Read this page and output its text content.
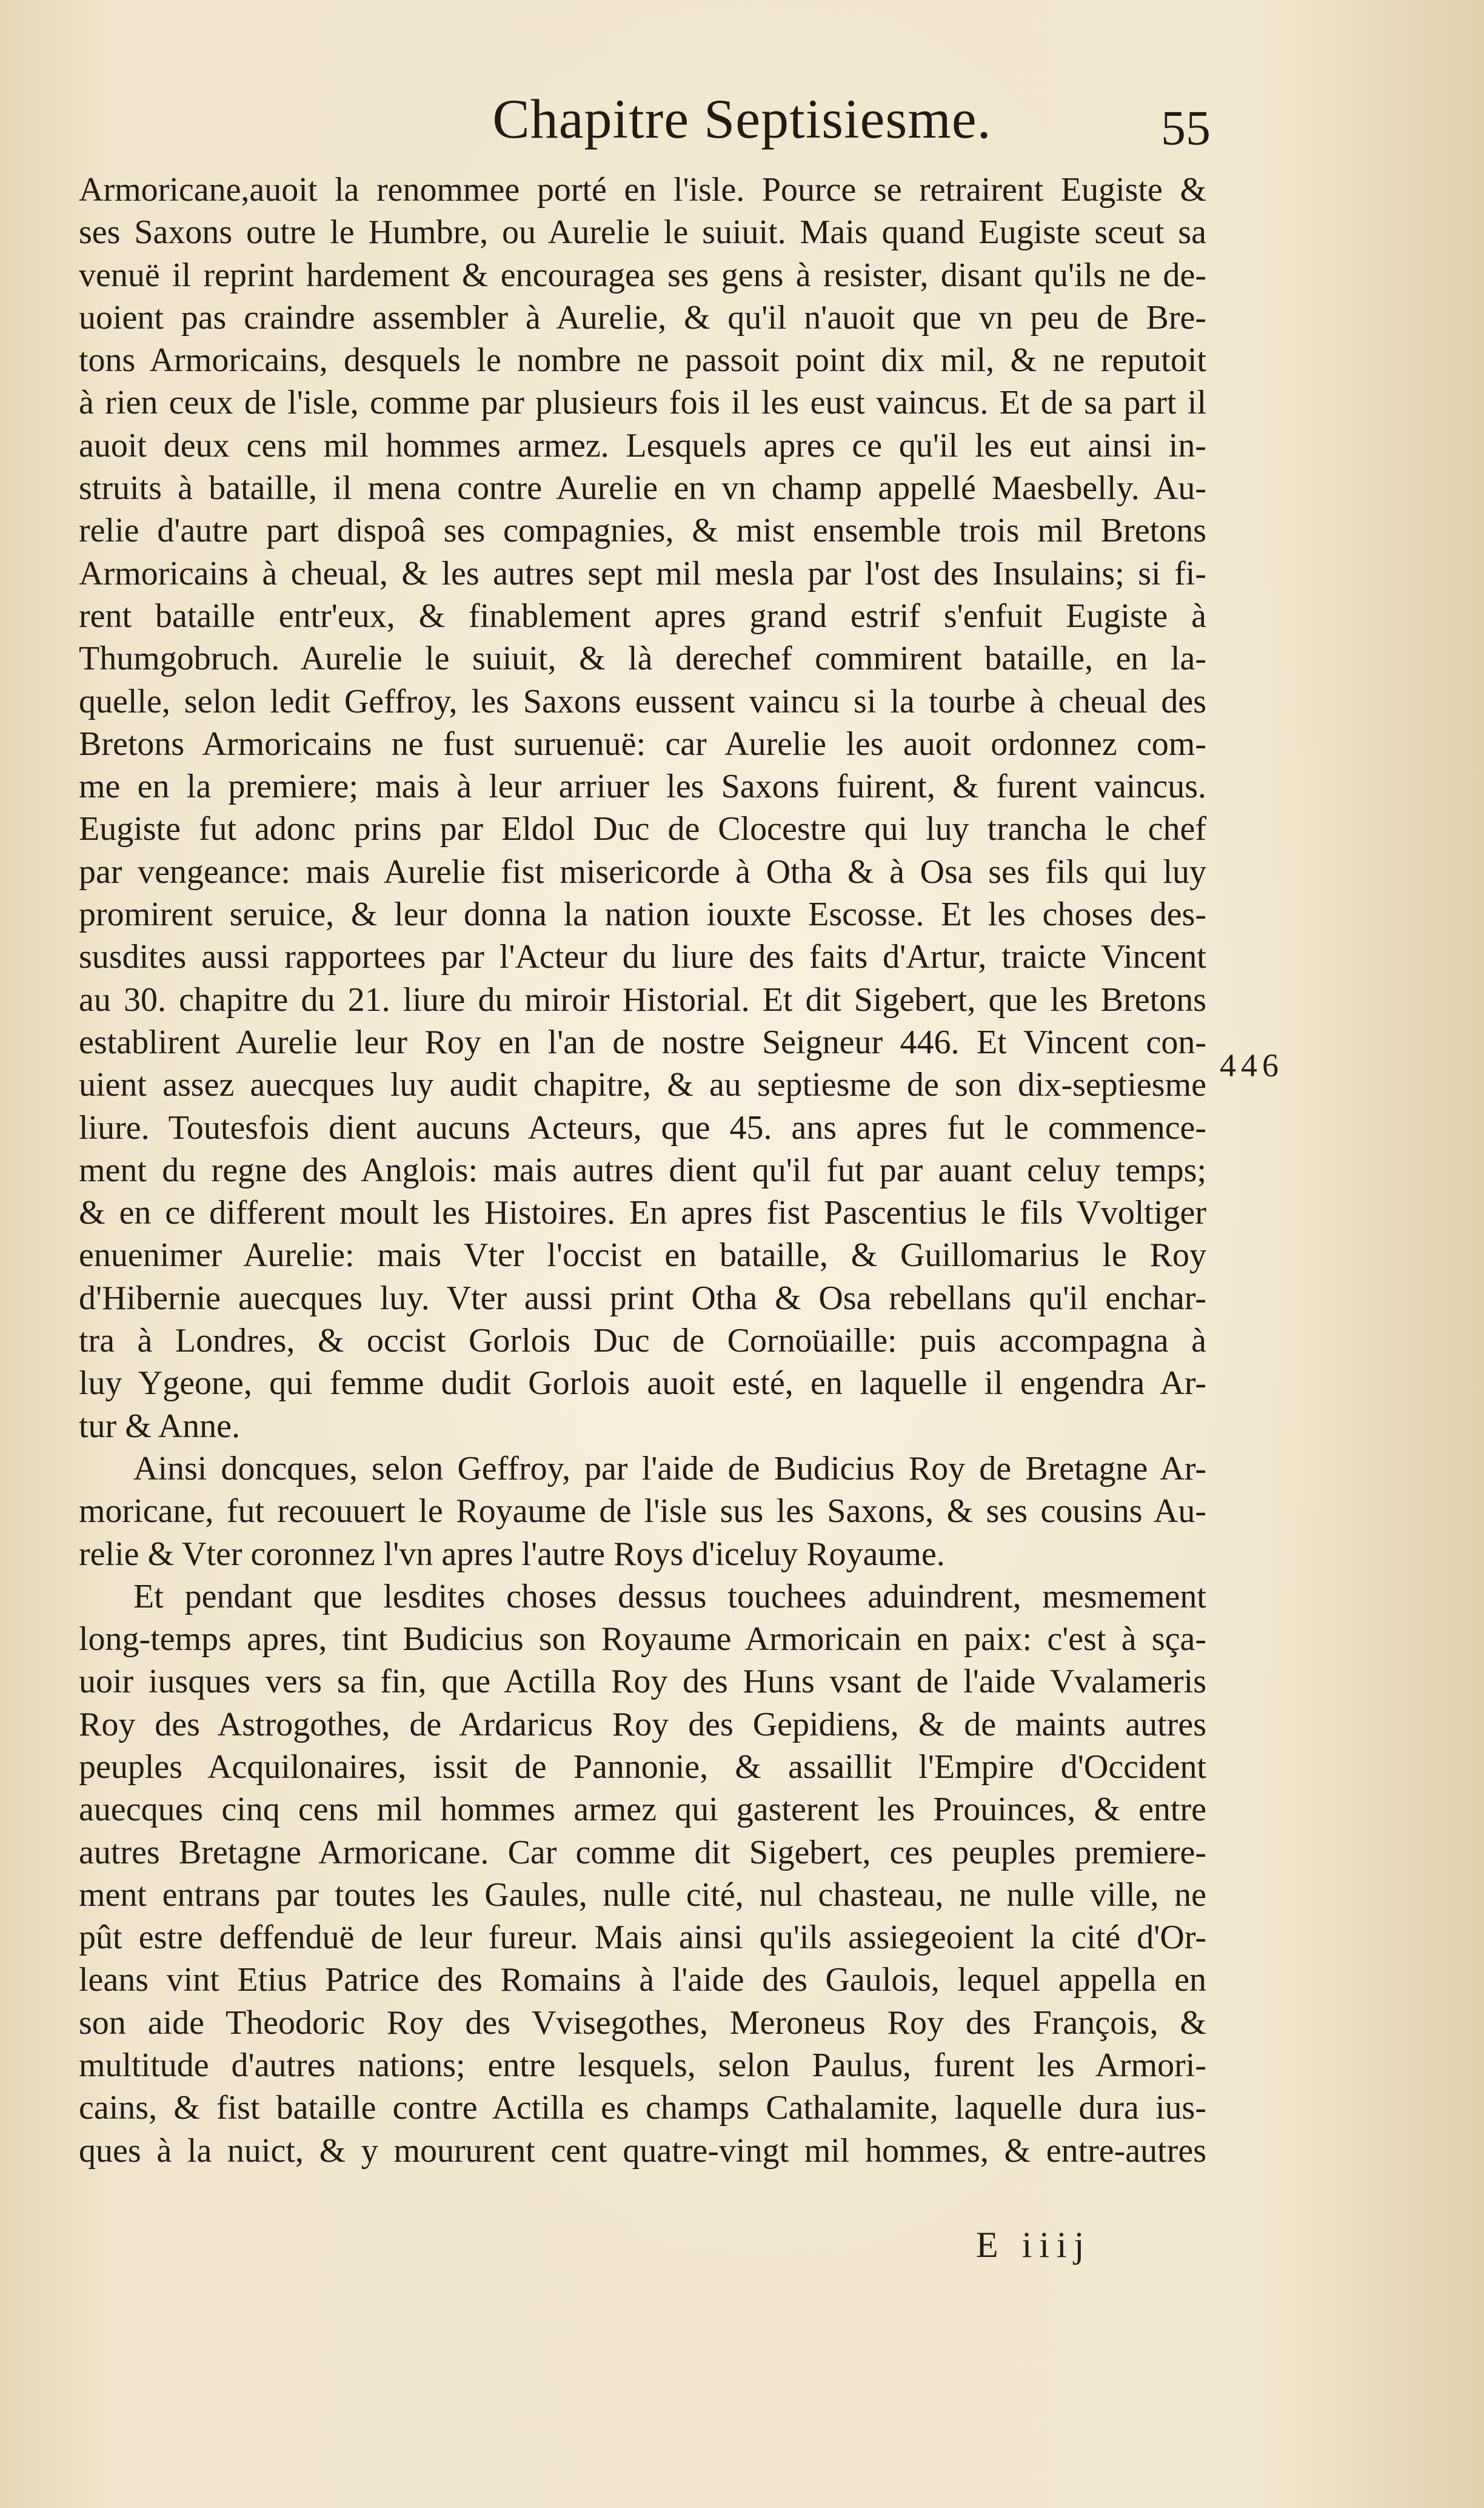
Chapitre Septisiesme.	55
Armoricane,auoit la renommee porté en l'isle. Pource se retrairent Eugiste &
ses Saxons outre le Humbre, ou Aurelie le suiuit. Mais quand Eugiste sceut sa
venuë il reprint hardement & encouragea ses gens à resister, disant qu'ils ne de-
uoient pas craindre assembler à Aurelie, & qu'il n'auoit que vn peu de Bre-
tons Armoricains, desquels le nombre ne passoit point dix mil, & ne reputoit
à rien ceux de l'isle, comme par plusieurs fois il les eust vaincus. Et de sa part il
auoit deux cens mil hommes armez. Lesquels apres ce qu'il les eut ainsi in-
struits à bataille, il mena contre Aurelie en vn champ appellé Maesbelly. Au-
relie d'autre part dispoâ ses compagnies, & mist ensemble trois mil Bretons
Armoricains à cheual, & les autres sept mil mesla par l'ost des Insulains; si fi-
rent bataille entr'eux, & finablement apres grand estrif s'enfuit Eugiste à
Thumgobruch. Aurelie le suiuit, & là derechef commirent bataille, en la-
quelle, selon ledit Geffroy, les Saxons eussent vaincu si la tourbe à cheual des
Bretons Armoricains ne fust suruenuë: car Aurelie les auoit ordonnez com-
me en la premiere; mais à leur arriuer les Saxons fuirent, & furent vaincus.
Eugiste fut adonc prins par Eldol Duc de Clocestre qui luy trancha le chef
par vengeance: mais Aurelie fist misericorde à Otha & à Osa ses fils qui luy
promirent seruice, & leur donna la nation iouxte Escosse. Et les choses des-
susdites aussi rapportees par l'Acteur du liure des faits d'Artur, traicte Vincent
au 30. chapitre du 21. liure du miroir Historial. Et dit Sigebert, que les Bretons
establirent Aurelie leur Roy en l'an de nostre Seigneur 446. Et Vincent con-
uient assez auecques luy audit chapitre, & au septiesme de son dix-septiesme
liure. Toutesfois dient aucuns Acteurs, que 45. ans apres fut le commence-
ment du regne des Anglois: mais autres dient qu'il fut par auant celuy temps;
& en ce different moult les Histoires. En apres fist Pascentius le fils Vvoltiger
enuenimer Aurelie: mais Vter l'occist en bataille, & Guillomarius le Roy
d'Hibernie auecques luy. Vter aussi print Otha & Osa rebellans qu'il enchar-
tra à Londres, & occist Gorlois Duc de Cornoüaille: puis accompagna à
luy Ygeone, qui femme dudit Gorlois auoit esté, en laquelle il engendra Ar-
tur & Anne.
Ainsi doncques, selon Geffroy, par l'aide de Budicius Roy de Bretagne Ar-
moricane, fut recouuert le Royaume de l'isle sus les Saxons, & ses cousins Au-
relie & Vter coronnez l'vn apres l'autre Roys d'iceluy Royaume.
Et pendant que lesdites choses dessus touchees aduindrent, mesmement
long-temps apres, tint Budicius son Royaume Armoricain en paix: c'est à sça-
uoir iusques vers sa fin, que Actilla Roy des Huns vsant de l'aide Vvalameris
Roy des Astrogothes, de Ardaricus Roy des Gepidiens, & de maints autres
peuples Acquilonaires, issit de Pannonie, & assaillit l'Empire d'Occident
auecques cinq cens mil hommes armez qui gasterent les Prouinces, & entre
autres Bretagne Armoricane. Car comme dit Sigebert, ces peuples premiere-
ment entrans par toutes les Gaules, nulle cité, nul chasteau, ne nulle ville, ne
pût estre deffenduë de leur fureur. Mais ainsi qu'ils assiegeoient la cité d'Or-
leans vint Etius Patrice des Romains à l'aide des Gaulois, lequel appella en
son aide Theodoric Roy des Vvisegothes, Meroneus Roy des François, &
multitude d'autres nations; entre lesquels, selon Paulus, furent les Armori-
cains, & fist bataille contre Actilla es champs Cathalamite, laquelle dura ius-
ques à la nuict, & y moururent cent quatre-vingt mil hommes, & entre-autres
446
E iiij
